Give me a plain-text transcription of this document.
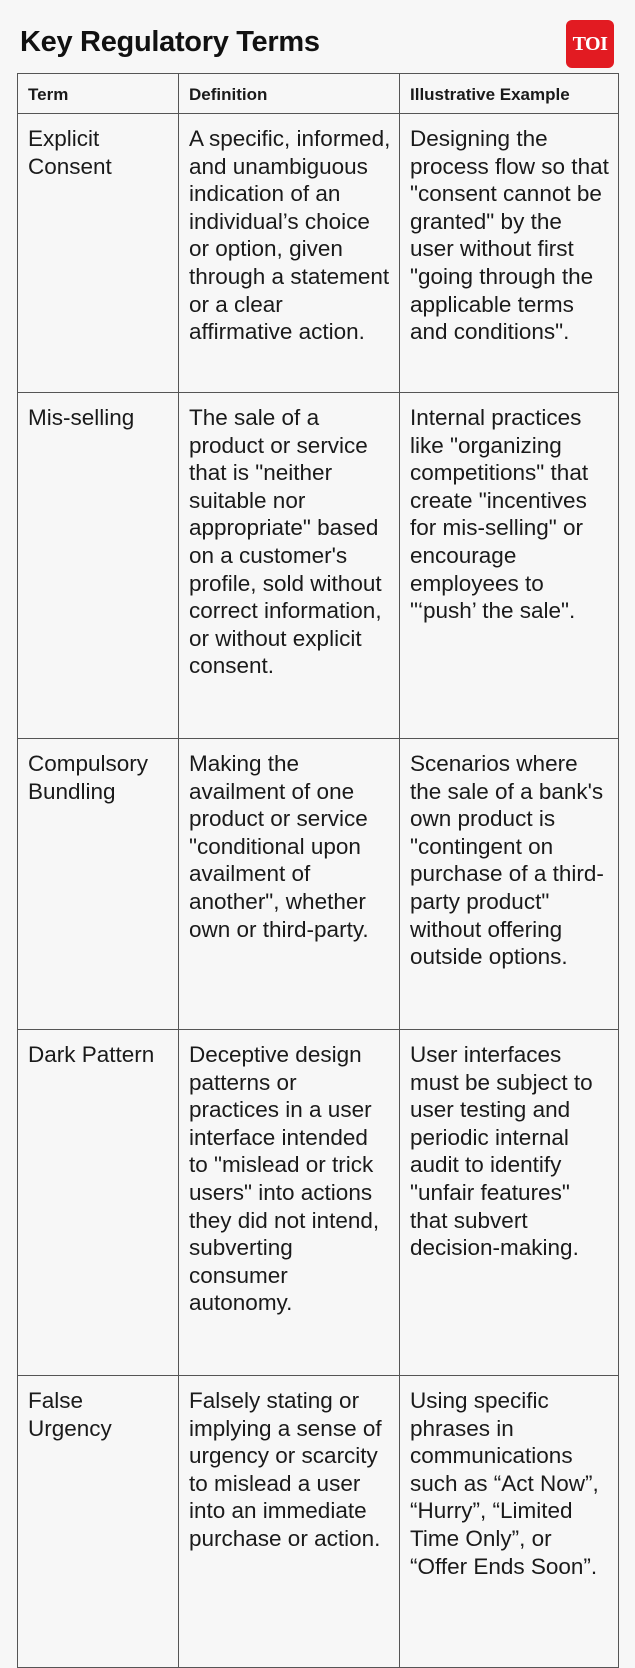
Key Regulatory Terms	TOI
Term	Definition	Illustrative Example

Explicit Consent	A specific, informed, and unambiguous indication of an individual’s choice or option, given through a statement or a clear affirmative action.	Designing the process flow so that "consent cannot be granted" by the user without first "going through the applicable terms and conditions".

Mis-selling	The sale of a product or service that is "neither suitable nor appropriate" based on a customer's profile, sold without correct information, or without explicit consent.	Internal practices like "organizing competitions" that create "incentives for mis-selling" or encourage employees to "‘push’ the sale".

Compulsory Bundling	Making the availment of one product or service "conditional upon availment of another", whether own or third-party.	Scenarios where the sale of a bank's own product is "contingent on purchase of a third-party product" without offering outside options.

Dark Pattern	Deceptive design patterns or practices in a user interface intended to "mislead or trick users" into actions they did not intend, subverting consumer autonomy.	User interfaces must be subject to user testing and periodic internal audit to identify "unfair features" that subvert decision-making.

False Urgency	Falsely stating or implying a sense of urgency or scarcity to mislead a user into an immediate purchase or action.	Using specific phrases in communications such as “Act Now”, “Hurry”, “Limited Time Only”, or “Offer Ends Soon”.
